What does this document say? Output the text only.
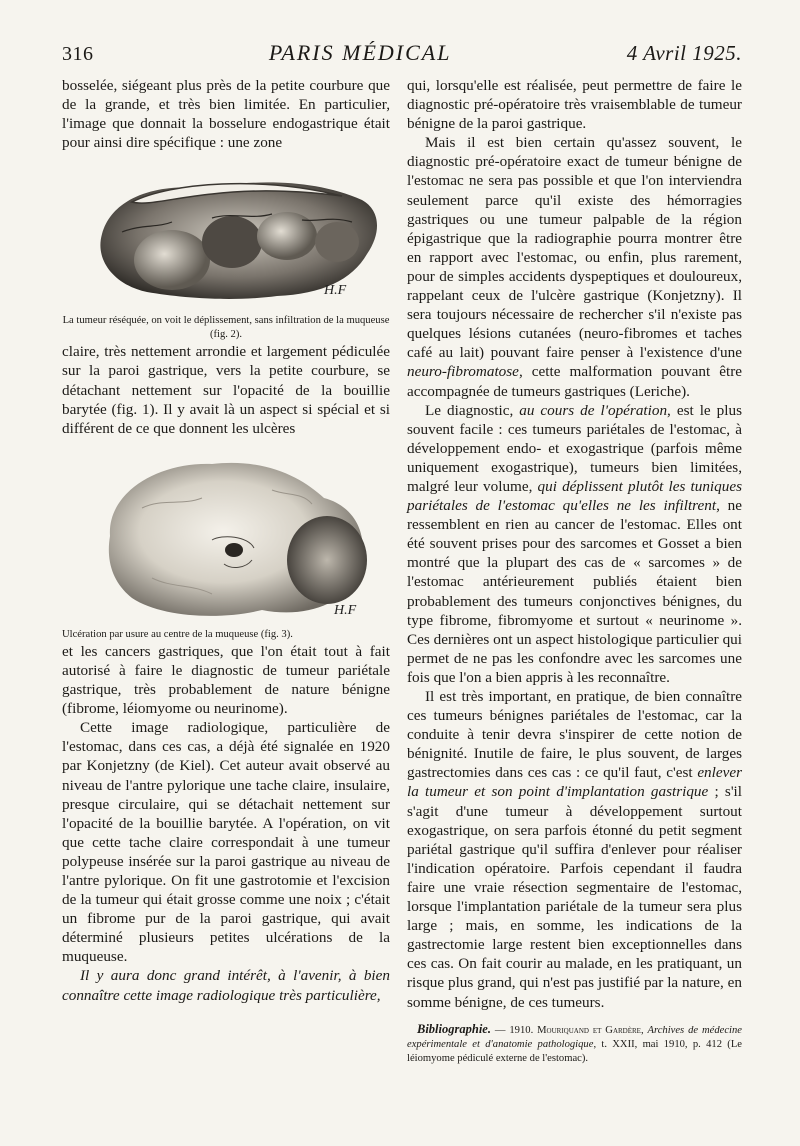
316	PARIS MÉDICAL	4 Avril 1925.

bosselée, siégeant plus près de la petite courbure que de la grande, et très bien limitée. En particulier, l'image que donnait la bosselure endogastrique était pour ainsi dire spécifique : une zone

H.F

La tumeur réséquée, on voit le déplissement, sans infiltration de la muqueuse (fig. 2).

claire, très nettement arrondie et largement pédiculée sur la paroi gastrique, vers la petite courbure, se détachant nettement sur l'opacité de la bouillie barytée (fig. 1). Il y avait là un aspect si spécial et si différent de ce que donnent les ulcères

H.F

Ulcération par usure au centre de la muqueuse (fig. 3).

et les cancers gastriques, que l'on était tout à fait autorisé à faire le diagnostic de tumeur pariétale gastrique, très probablement de nature bénigne (fibrome, léiomyome ou neurinome).

Cette image radiologique, particulière de l'estomac, dans ces cas, a déjà été signalée en 1920 par Konjetzny (de Kiel). Cet auteur avait observé au niveau de l'antre pylorique une tache claire, insulaire, presque circulaire, qui se détachait nettement sur l'opacité de la bouillie barytée. A l'opération, on vit que cette tache claire correspondait à une tumeur polypeuse insérée sur la paroi gastrique au niveau de l'antre pylorique. On fit une gastrotomie et l'excision de la tumeur qui était grosse comme une noix ; c'était un fibrome pur de la paroi gastrique, qui avait déterminé plusieurs petites ulcérations de la muqueuse.

Il y aura donc grand intérêt, à l'avenir, à bien connaître cette image radiologique très particulière,

qui, lorsqu'elle est réalisée, peut permettre de faire le diagnostic pré-opératoire très vraisemblable de tumeur bénigne de la paroi gastrique.

Mais il est bien certain qu'assez souvent, le diagnostic pré-opératoire exact de tumeur bénigne de l'estomac ne sera pas possible et que l'on interviendra seulement parce qu'il existe des hémorragies gastriques ou une tumeur palpable de la région épigastrique que la radiographie pourra montrer être en rapport avec l'estomac, ou enfin, plus rarement, pour de simples accidents dyspeptiques et douloureux, rappelant ceux de l'ulcère gastrique (Konjetzny). Il sera toujours nécessaire de rechercher s'il n'existe pas quelques lésions cutanées (neuro-fibromes et taches café au lait) pouvant faire penser à l'existence d'une neuro-fibromatose, cette malformation pouvant être accompagnée de tumeurs gastriques (Leriche).

Le diagnostic, au cours de l'opération, est le plus souvent facile : ces tumeurs pariétales de l'estomac, à développement endo- et exogastrique (parfois même uniquement exogastrique), tumeurs bien limitées, malgré leur volume, qui déplissent plutôt les tuniques pariétales de l'estomac qu'elles ne les infiltrent, ne ressemblent en rien au cancer de l'estomac. Elles ont été souvent prises pour des sarcomes et Gosset a bien montré que la plupart des cas de « sarcomes » de l'estomac antérieurement publiés étaient bien probablement des tumeurs conjonctives bénignes, du type fibrome, fibromyome et surtout « neurinome ». Ces dernières ont un aspect histologique particulier qui permet de ne pas les confondre avec les sarcomes une fois que l'on a bien appris à les reconnaître.

Il est très important, en pratique, de bien connaître ces tumeurs bénignes pariétales de l'estomac, car la conduite à tenir devra s'inspirer de cette notion de bénignité. Inutile de faire, le plus souvent, de larges gastrectomies dans ces cas : ce qu'il faut, c'est enlever la tumeur et son point d'implantation gastrique ; s'il s'agit d'une tumeur à développement surtout exogastrique, on sera parfois étonné du petit segment pariétal gastrique qu'il suffira d'enlever pour réaliser l'indication opératoire. Parfois cependant il faudra faire une vraie résection segmentaire de l'estomac, lorsque l'implantation pariétale de la tumeur sera plus large ; mais, en somme, les indications de la gastrectomie large restent bien exceptionnelles dans ces cas. On fait courir au malade, en les pratiquant, un risque plus grand, qui n'est pas justifié par la nature, en somme bénigne, de ces tumeurs.

Bibliographie. — 1910. Mouriquand et Gardère, Archives de médecine expérimentale et d'anatomie pathologique, t. XXII, mai 1910, p. 412 (Le léiomyome pédiculé externe de l'estomac).
